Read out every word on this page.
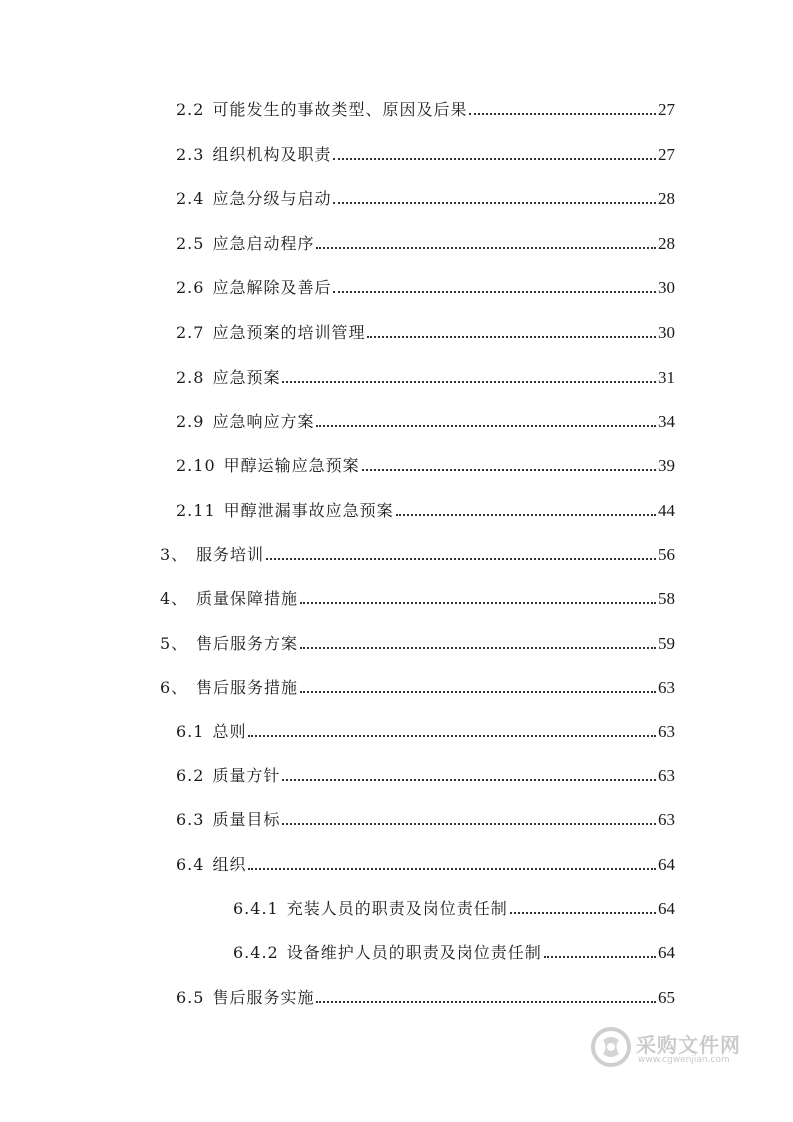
2.2 可能发生的事故类型、原因及后果	27
2.3 组织机构及职责	27
2.4 应急分级与启动	28
2.5 应急启动程序	28
2.6 应急解除及善后	30
2.7 应急预案的培训管理	30
2.8 应急预案	31
2.9 应急响应方案	34
2.10 甲醇运输应急预案	39
2.11 甲醇泄漏事故应急预案	44
3、 服务培训	56
4、 质量保障措施	58
5、 售后服务方案	59
6、 售后服务措施	63
6.1 总则	63
6.2 质量方针	63
6.3 质量目标	63
6.4 组织	64
6.4.1 充装人员的职责及岗位责任制	64
6.4.2 设备维护人员的职责及岗位责任制	64
6.5 售后服务实施	65
采购文件网
www.cgwenjian.com
